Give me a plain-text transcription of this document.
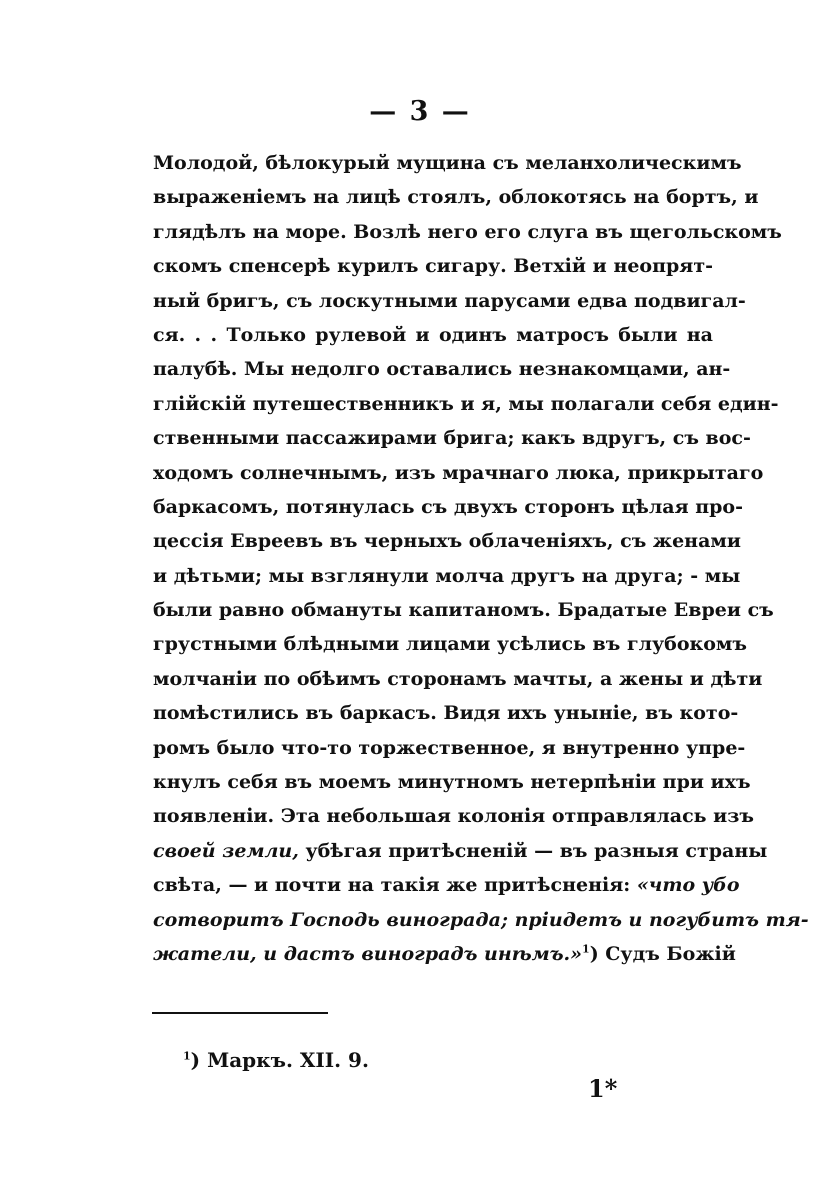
— 3 —
Молодой, бѣлокурый мущина съ меланхолическимъ
выраженіемъ на лицѣ стоялъ, облокотясь на бортъ, и
глядѣлъ на море. Возлѣ него его слуга въ щегольскомъ
скомъ спенсерѣ курилъ сигару. Ветхій и неопрят-
ный бригъ, съ лоскутными парусами едва подвигал-
ся. . . Только рулевой и одинъ матросъ были на
палубѣ. Мы недолго оставались незнакомцами, ан-
глійскій путешественникъ и я, мы полагали себя един-
ственными пассажирами брига; какъ вдругъ, съ вос-
ходомъ солнечнымъ, изъ мрачнаго люка, прикрытаго
баркасомъ, потянулась съ двухъ сторонъ цѣлая про-
цессія Евреевъ въ черныхъ облаченіяхъ, съ женами
и дѣтьми; мы взглянули молча другъ на друга; - мы
были равно обмануты капитаномъ. Брадатые Евреи съ
грустными блѣдными лицами усѣлись въ глубокомъ
молчаніи по обѣимъ сторонамъ мачты, а жены и дѣти
помѣстились въ баркасъ. Видя ихъ уныніе, въ кото-
ромъ было что-то торжественное, я внутренно упре-
кнулъ себя въ моемъ минутномъ нетерпѣніи при ихъ
появленіи. Эта небольшая колонія отправлялась изъ
своей земли, убѣгая притѣсненій — въ разныя страны
свѣта, — и почти на такія же притѣсненія: «что убо
сотворитъ Господь винограда; пріидетъ и погубитъ тя-
жатели, и дастъ виноградъ инѣмъ.»$^1$) Судъ Божій
$^1$) Маркъ. XII. 9.
1*
